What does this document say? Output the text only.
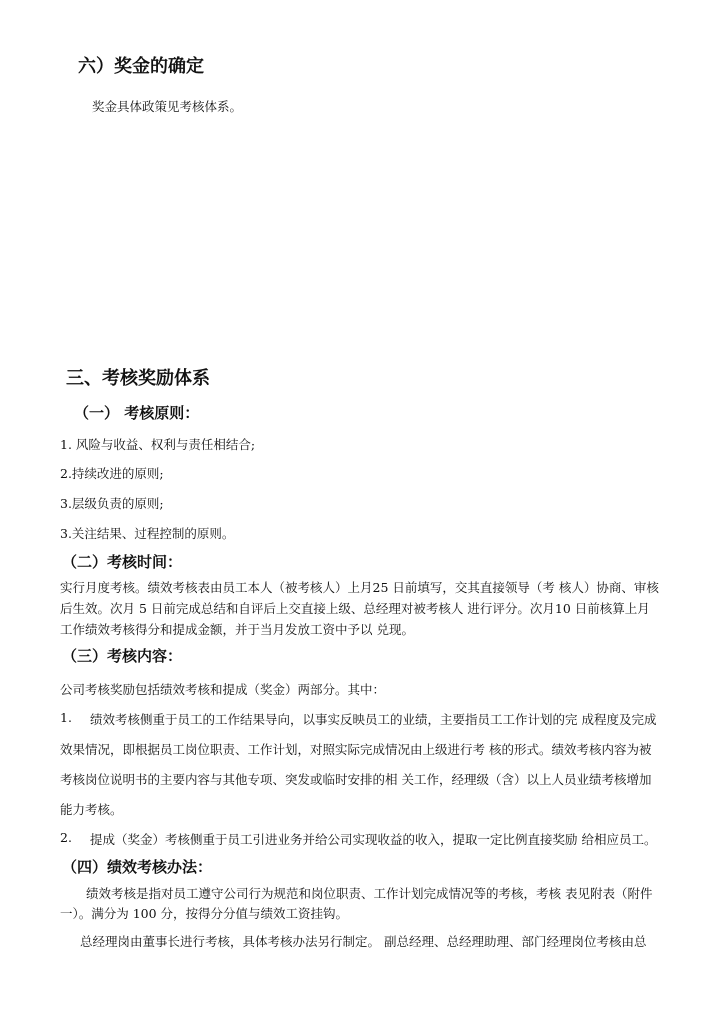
六）奖金的确定
奖金具体政策见考核体系。
三、考核奖励体系
（一） 考核原则：
1. 风险与收益、权利与责任相结合;
2.持续改进的原则;
3.层级负责的原则;
3.关注结果、过程控制的原则。
（二）考核时间：
实行月度考核。绩效考核表由员工本人（被考核人）上月25 日前填写，交其直接领导（考 核人）协商、审核
后生效。次月 5 日前完成总结和自评后上交直接上级、总经理对被考核人 进行评分。次月10 日前核算上月
工作绩效考核得分和提成金额，并于当月发放工资中予以 兑现。
（三）考核内容：
公司考核奖励包括绩效考核和提成（奖金）两部分。其中：
1. 绩效考核侧重于员工的工作结果导向，以事实反映员工的业绩，主要指员工工作计划的完 成程度及完成
效果情况，即根据员工岗位职责、工作计划，对照实际完成情况由上级进行考 核的形式。绩效考核内容为被
考核岗位说明书的主要内容与其他专项、突发或临时安排的相 关工作，经理级（含）以上人员业绩考核增加
能力考核。
2. 提成（奖金）考核侧重于员工引进业务并给公司实现收益的收入，提取一定比例直接奖励 给相应员工。
（四）绩效考核办法：
绩效考核是指对员工遵守公司行为规范和岗位职责、工作计划完成情况等的考核，考核 表见附表（附件
一）。满分为 100 分，按得分分值与绩效工资挂钩。
总经理岗由董事长进行考核，具体考核办法另行制定。 副总经理、总经理助理、部门经理岗位考核由总
